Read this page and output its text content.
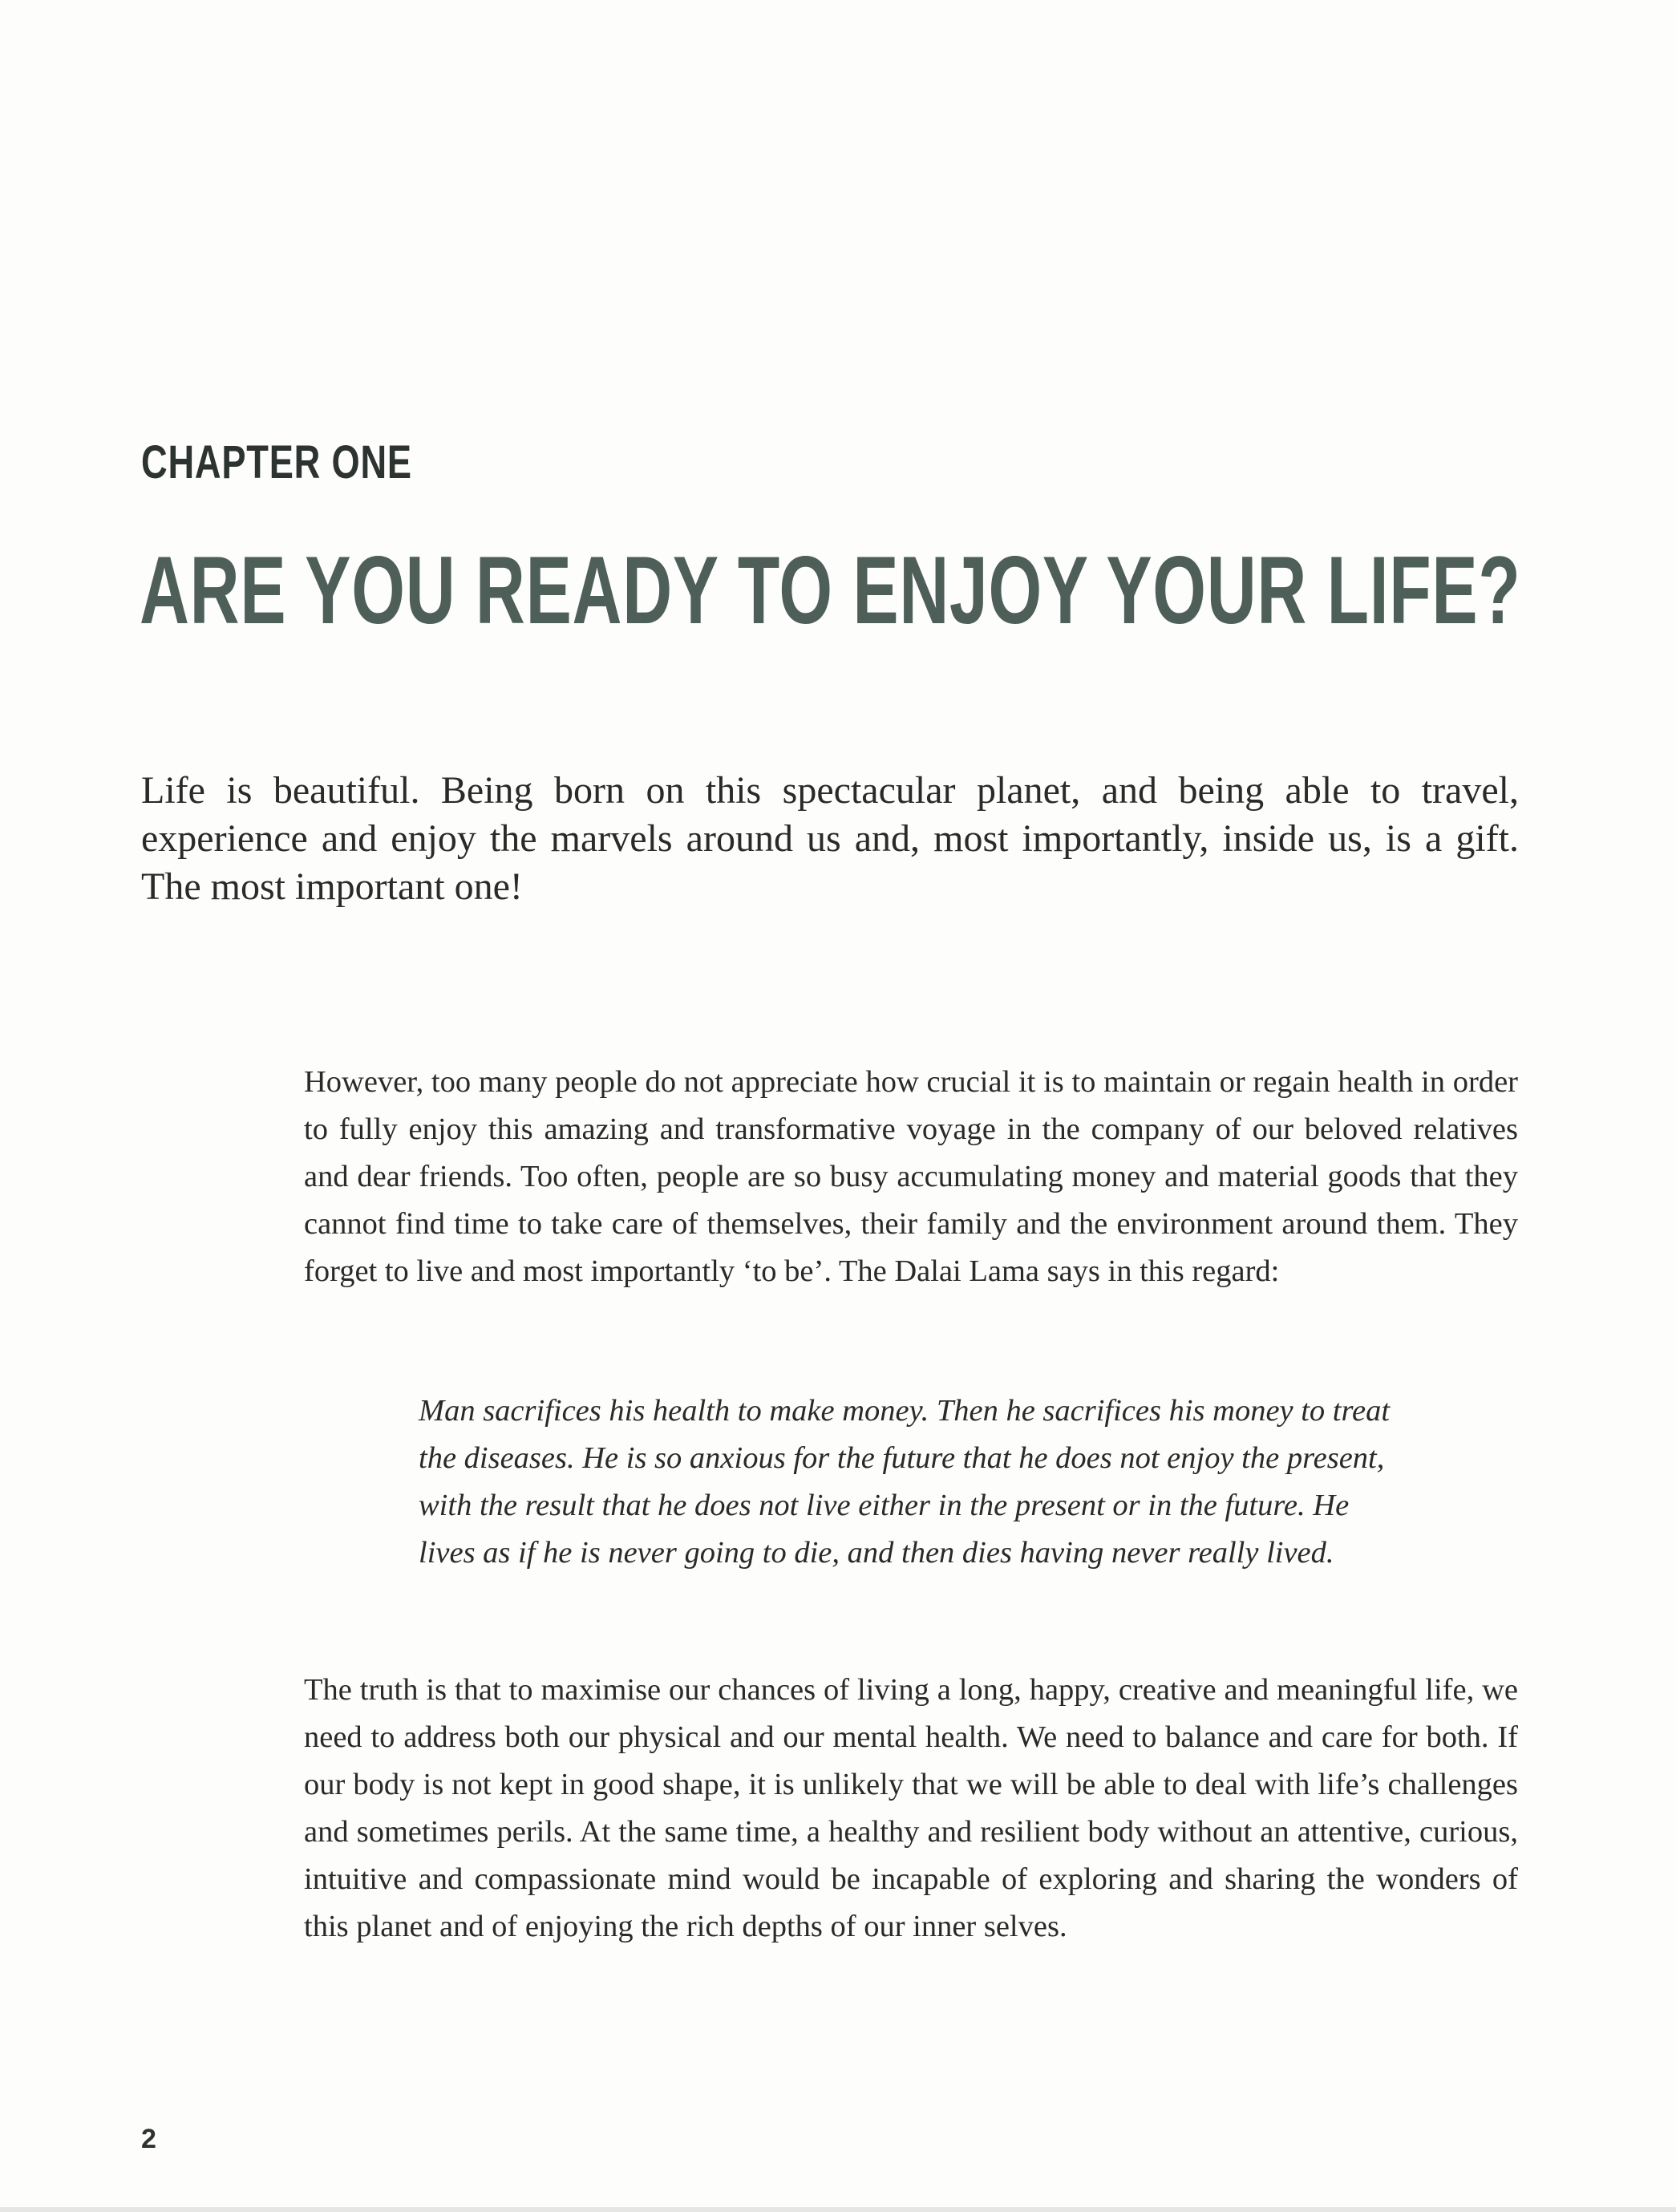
CHAPTER ONE
ARE YOU READY TO ENJOY YOUR LIFE?

Life is beautiful. Being born on this spectacular planet, and being able to travel, experience and enjoy the marvels around us and, most importantly, inside us, is a gift. The most important one!

However, too many people do not appreciate how crucial it is to maintain or regain health in order to fully enjoy this amazing and transformative voyage in the company of our beloved relatives and dear friends. Too often, people are so busy accumulating money and material goods that they cannot find time to take care of themselves, their family and the environment around them. They forget to live and most importantly ‘to be’. The Dalai Lama says in this regard:

Man sacrifices his health to make money. Then he sacrifices his money to treat the diseases. He is so anxious for the future that he does not enjoy the present, with the result that he does not live either in the present or in the future. He lives as if he is never going to die, and then dies having never really lived.

The truth is that to maximise our chances of living a long, happy, creative and meaningful life, we need to address both our physical and our mental health. We need to balance and care for both. If our body is not kept in good shape, it is unlikely that we will be able to deal with life’s challenges and sometimes perils. At the same time, a healthy and resilient body without an attentive, curious, intuitive and compassionate mind would be incapable of exploring and sharing the wonders of this planet and of enjoying the rich depths of our inner selves.

2
